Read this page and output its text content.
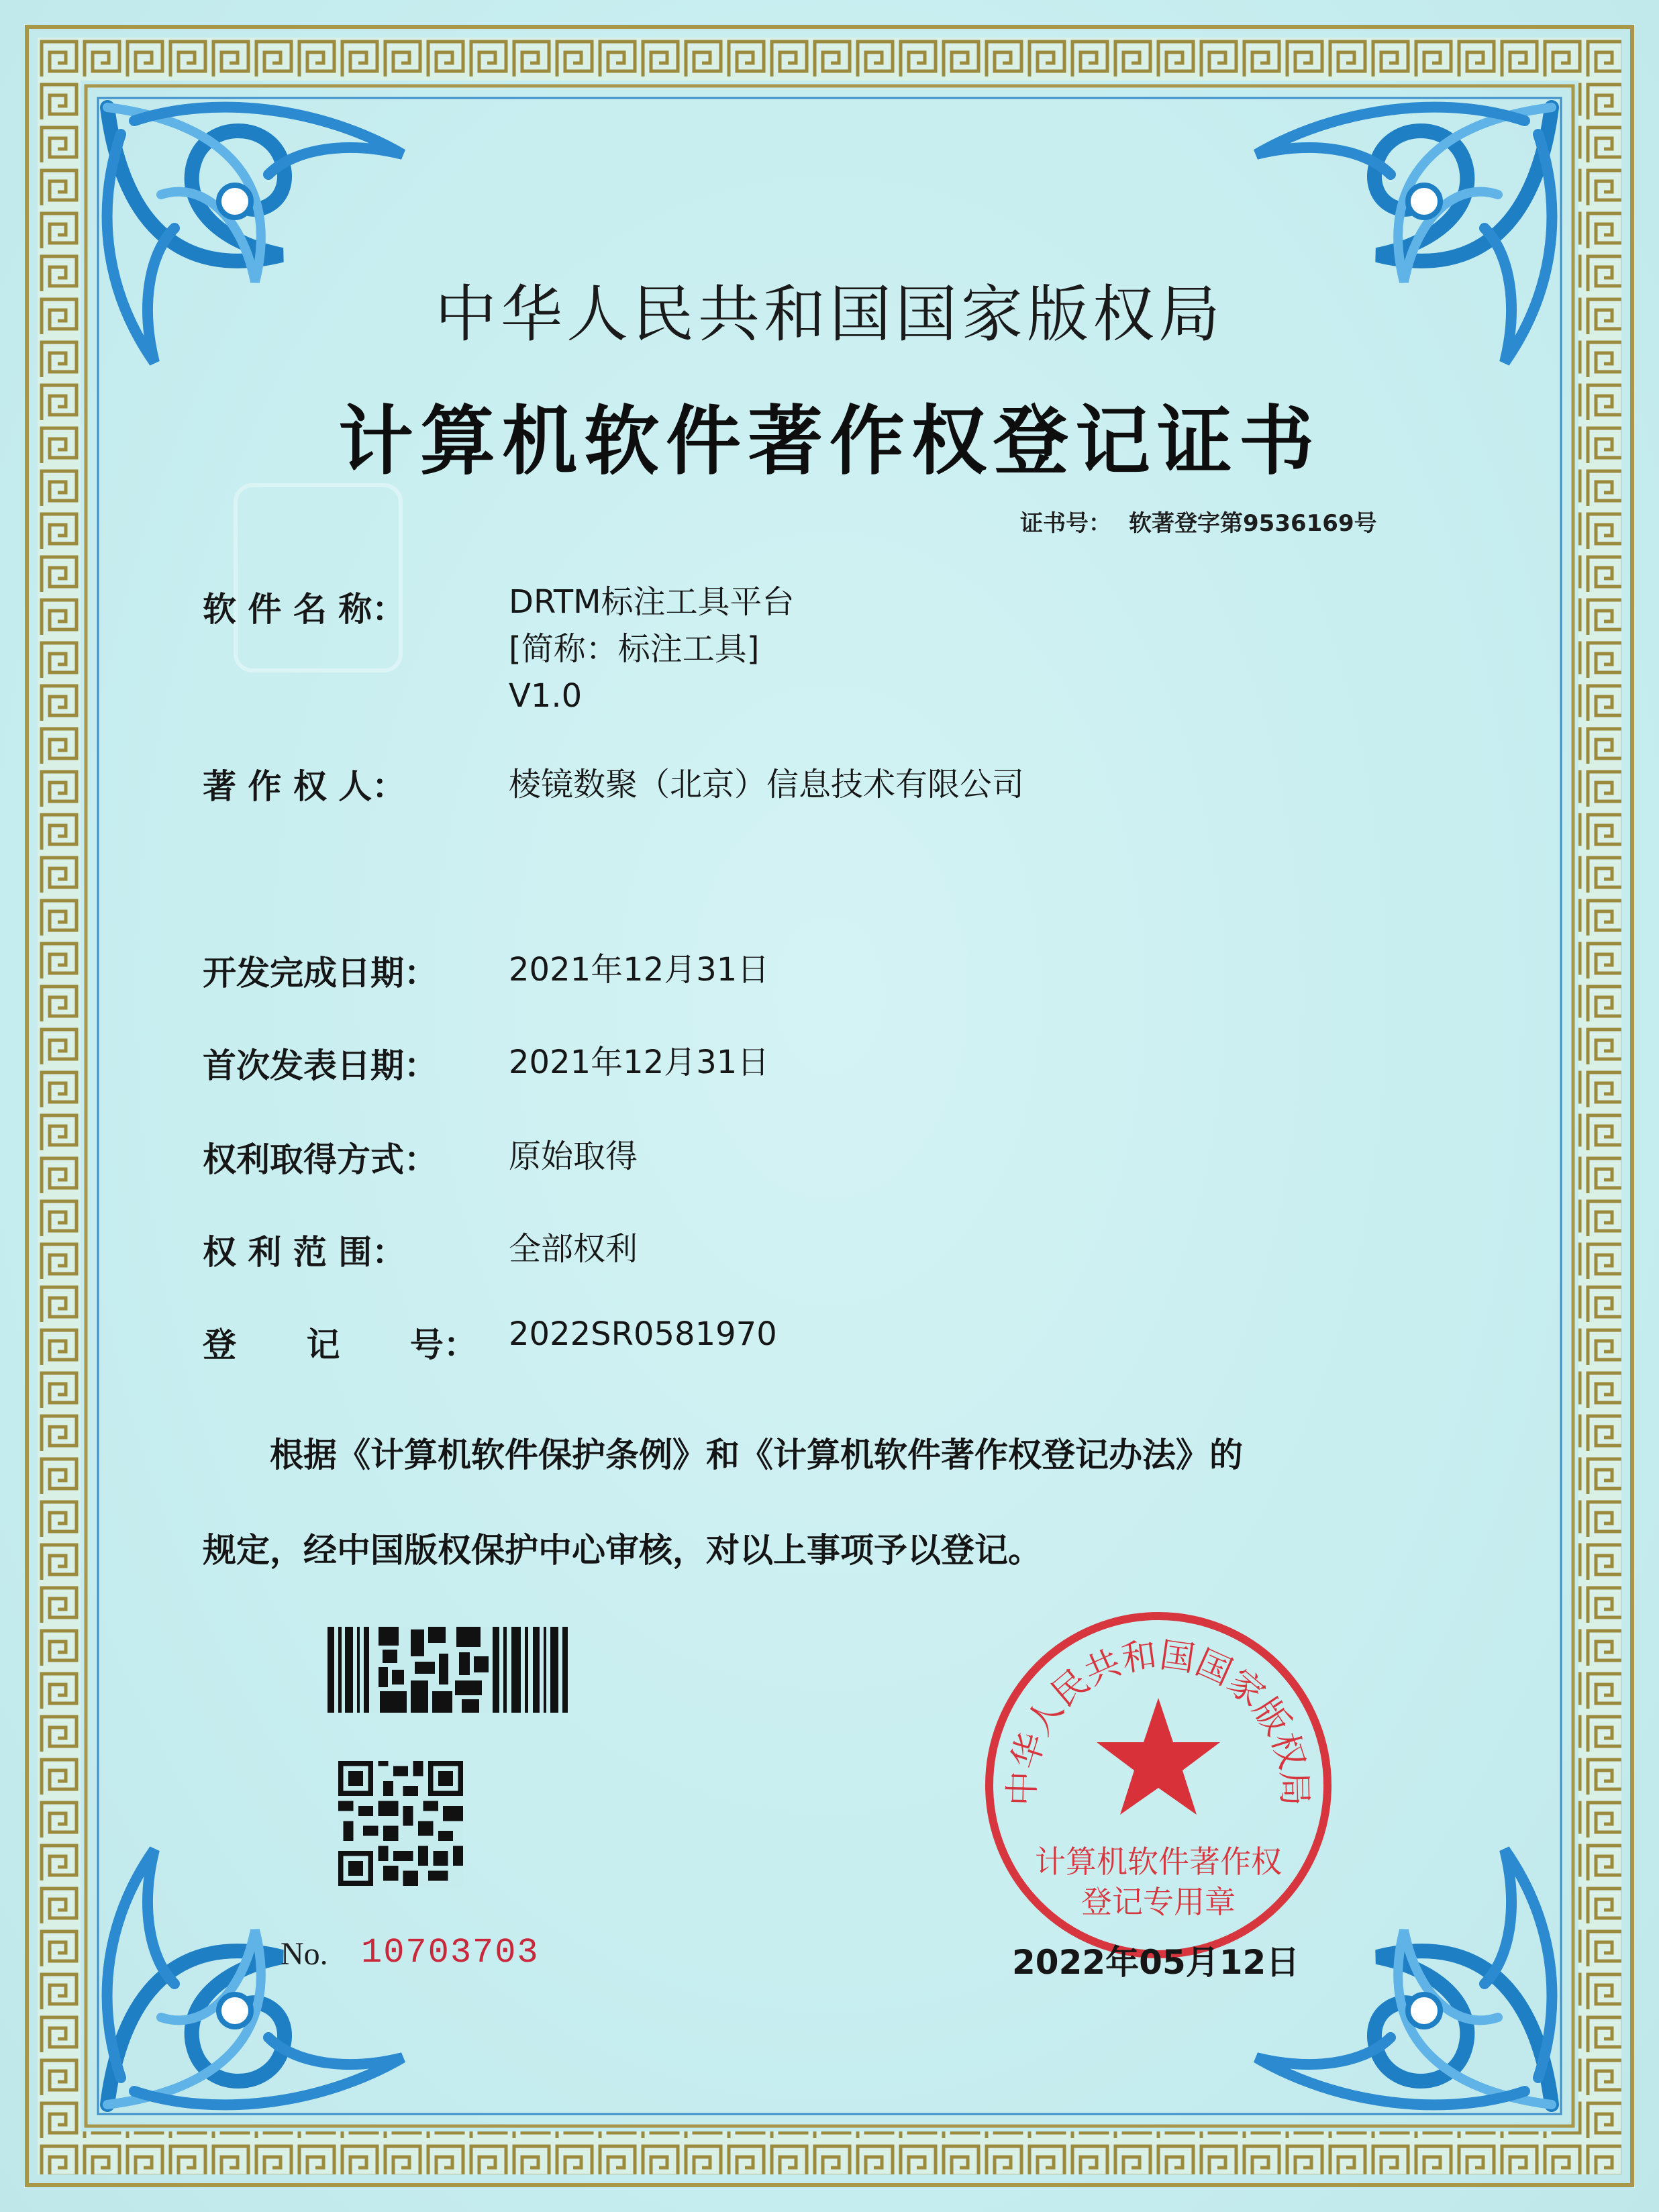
中华人民共和国国家版权局
计算机软件著作权登记证书
证书号： 软著登字第9536169号
软 件 名 称：	DRTM标注工具平台
[简称：标注工具]
V1.0
著 作 权 人：	棱镜数聚（北京）信息技术有限公司
开发完成日期： 2021年12月31日
首次发表日期： 2021年12月31日
权利取得方式： 原始取得
权 利 范 围：	全部权利
登      记      号： 2022SR0581970
　　根据《计算机软件保护条例》和《计算机软件著作权登记办法》的
规定，经中国版权保护中心审核，对以上事项予以登记。
No. 10703703
中华人民共和国国家版权局
计算机软件著作权
登记专用章
2022年05月12日
